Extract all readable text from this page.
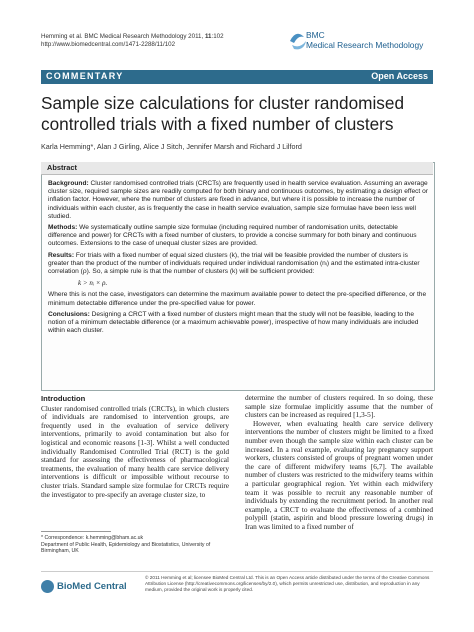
Hemming et al. BMC Medical Research Methodology 2011, 11:102
http://www.biomedcentral.com/1471-2288/11/102
BMC
Medical Research Methodology
COMMENTARY	Open Access
Sample size calculations for cluster randomised controlled trials with a fixed number of clusters
Karla Hemming*, Alan J Girling, Alice J Sitch, Jennifer Marsh and Richard J Lilford
Abstract

Background: Cluster randomised controlled trials (CRCTs) are frequently used in health service evaluation. Assuming an average cluster size, required sample sizes are readily computed for both binary and continuous outcomes, by estimating a design effect or inflation factor. However, where the number of clusters are fixed in advance, but where it is possible to increase the number of individuals within each cluster, as is frequently the case in health service evaluation, sample size formulae have been less well studied.

Methods: We systematically outline sample size formulae (including required number of randomisation units, detectable difference and power) for CRCTs with a fixed number of clusters, to provide a concise summary for both binary and continuous outcomes. Extensions to the case of unequal cluster sizes are provided.

Results: For trials with a fixed number of equal sized clusters (k), the trial will be feasible provided the number of clusters is greater than the product of the number of individuals required under individual randomisation (nᵢ) and the estimated intra-cluster correlation (ρ). So, a simple rule is that the number of clusters (k) will be sufficient provided:

k > nᵢ × ρ.

Where this is not the case, investigators can determine the maximum available power to detect the pre-specified difference, or the minimum detectable difference under the pre-specified value for power.

Conclusions: Designing a CRCT with a fixed number of clusters might mean that the study will not be feasible, leading to the notion of a minimum detectable difference (or a maximum achievable power), irrespective of how many individuals are included within each cluster.

Introduction

Cluster randomised controlled trials (CRCTs), in which clusters of individuals are randomised to intervention groups, are frequently used in the evaluation of service delivery interventions, primarily to avoid contamination but also for logistical and economic reasons [1-3]. Whilst a well conducted individually Randomised Controlled Trial (RCT) is the gold standard for assessing the effectiveness of pharmacological treatments, the evaluation of many health care service delivery interventions is difficult or impossible without recourse to cluster trials. Standard sample size formulae for CRCTs require the investigator to pre-specify an average cluster size, to

determine the number of clusters required. In so doing, these sample size formulae implicitly assume that the number of clusters can be increased as required [1,3-5].

However, when evaluating health care service delivery interventions the number of clusters might be limited to a fixed number even though the sample size within each cluster can be increased. In a real example, evaluating lay pregnancy support workers, clusters consisted of groups of pregnant women under the care of different midwifery teams [6,7]. The available number of clusters was restricted to the midwifery teams within a particular geographical region. Yet within each midwifery team it was possible to recruit any reasonable number of individuals by extending the recruitment period. In another real example, a CRCT to evaluate the effectiveness of a combined polypill (statin, aspirin and blood pressure lowering drugs) in Iran was limited to a fixed number of

* Correspondence: k.hemming@bham.ac.uk
Department of Public Health, Epidemiology and Biostatistics, University of Birmingham, UK
BioMed Central
© 2011 Hemming et al; licensee BioMed Central Ltd. This is an Open Access article distributed under the terms of the Creative Commons Attribution License (http://creativecommons.org/licenses/by/2.0), which permits unrestricted use, distribution, and reproduction in any medium, provided the original work is properly cited.
